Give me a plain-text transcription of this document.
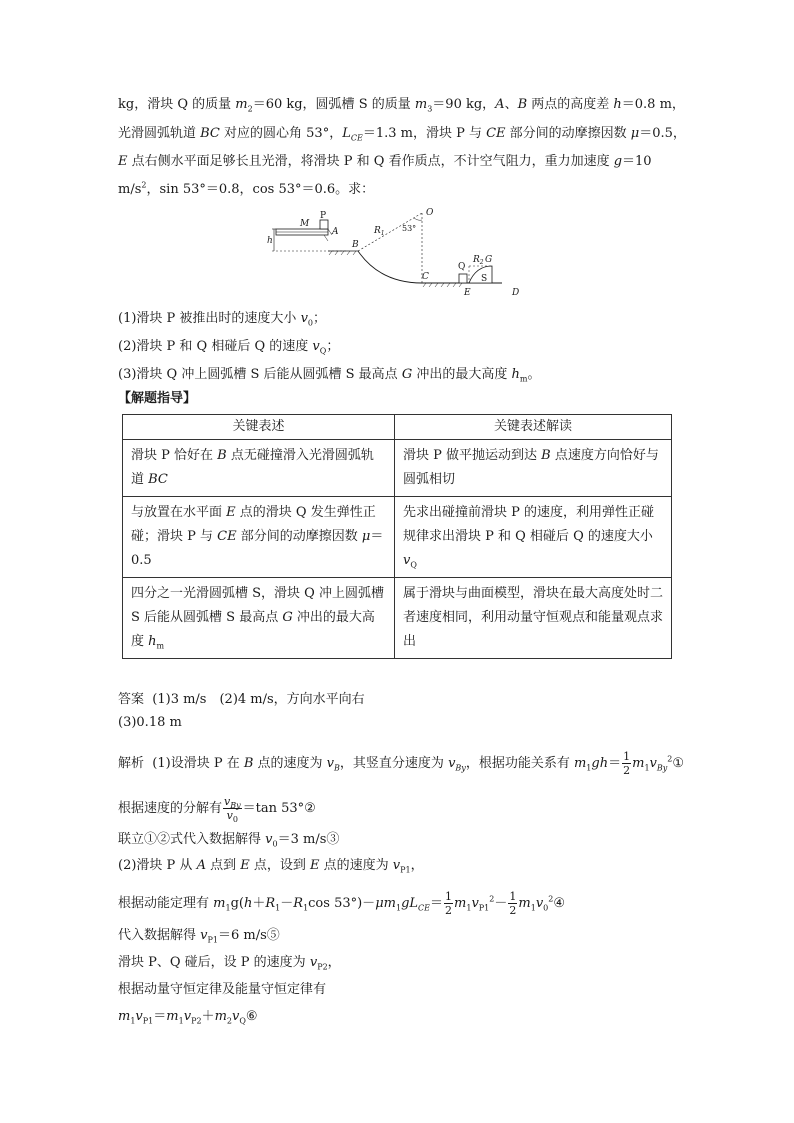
kg，滑块 Q 的质量 $m_2=60$ kg，圆弧槽 S 的质量 $m_3=90$ kg，A、B 两点的高度差 h＝0.8 m，
光滑圆弧轨道 BC 对应的圆心角 53°，$L_{CE}=1.3$ m，滑块 P 与 CE 部分间的动摩擦因数 μ＝0.5，
E 点右侧水平面足够长且光滑，将滑块 P 和 Q 看作质点，不计空气阻力，重力加速度 g＝10
$m/s^2$，sin 53°＝0.8，cos 53°＝0.6。求：
M
P
A
h	B
$R_1$
O
53°
Q
$R_2$ G
S
C
E	D
(1)滑块 P 被推出时的速度大小 $v_0$；
(2)滑块 P 和 Q 相碰后 Q 的速度 $v_Q$；
(3)滑块 Q 冲上圆弧槽 S 后能从圆弧槽 S 最高点 G 冲出的最大高度 $h_m$。
【解题指导】
关键表述	关键表述解读
滑块 P 恰好在 B 点无碰撞滑入光滑圆弧轨道 BC	滑块 P 做平抛运动到达 B 点速度方向恰好与圆弧相切
与放置在水平面 E 点的滑块 Q 发生弹性正碰；滑块 P 与 CE 部分间的动摩擦因数 μ＝0.5	先求出碰撞前滑块 P 的速度，利用弹性正碰规律求出滑块 P 和 Q 相碰后 Q 的速度大小 $v_Q$
四分之一光滑圆弧槽 S，滑块 Q 冲上圆弧槽 S 后能从圆弧槽 S 最高点 G 冲出的最大高度 $h_m$	属于滑块与曲面模型，滑块在最大高度处时二者速度相同，利用动量守恒观点和能量观点求出
答案 (1)3 m/s　(2)4 m/s，方向水平向右
(3)0.18 m
解析 (1)设滑块 P 在 B 点的速度为 $v_B$，其竖直分速度为 $v_{By}$，根据功能关系有 $m_1gh= \frac{1}{2}$ $m_1v_{By}^2①$
根据速度的分解有 $\frac{v_{By}}{v_0} =\tan$ 53°②
联立①②式代入数据解得 $v_0=3$ m/s③
(2)滑块 P 从 A 点到 E 点，设到 E 点的速度为 $v_{P1}$，
根据动能定理有 $m_1g(h+R_1-R_1\cos$ $53^\circ)-\mu m_1gL_{CE}= \frac{1}{2} m_1v_{P1}^2- \frac{1}{2}$ $m_1v_0^2④$
代入数据解得 $v_{P1}=6$ m/s⑤
滑块 P、Q 碰后，设 P 的速度为 $v_{P2}$，
根据动量守恒定律及能量守恒定律有
$m_1v_{P1}=m_1v_{P2}+m_2v_Q⑥$
